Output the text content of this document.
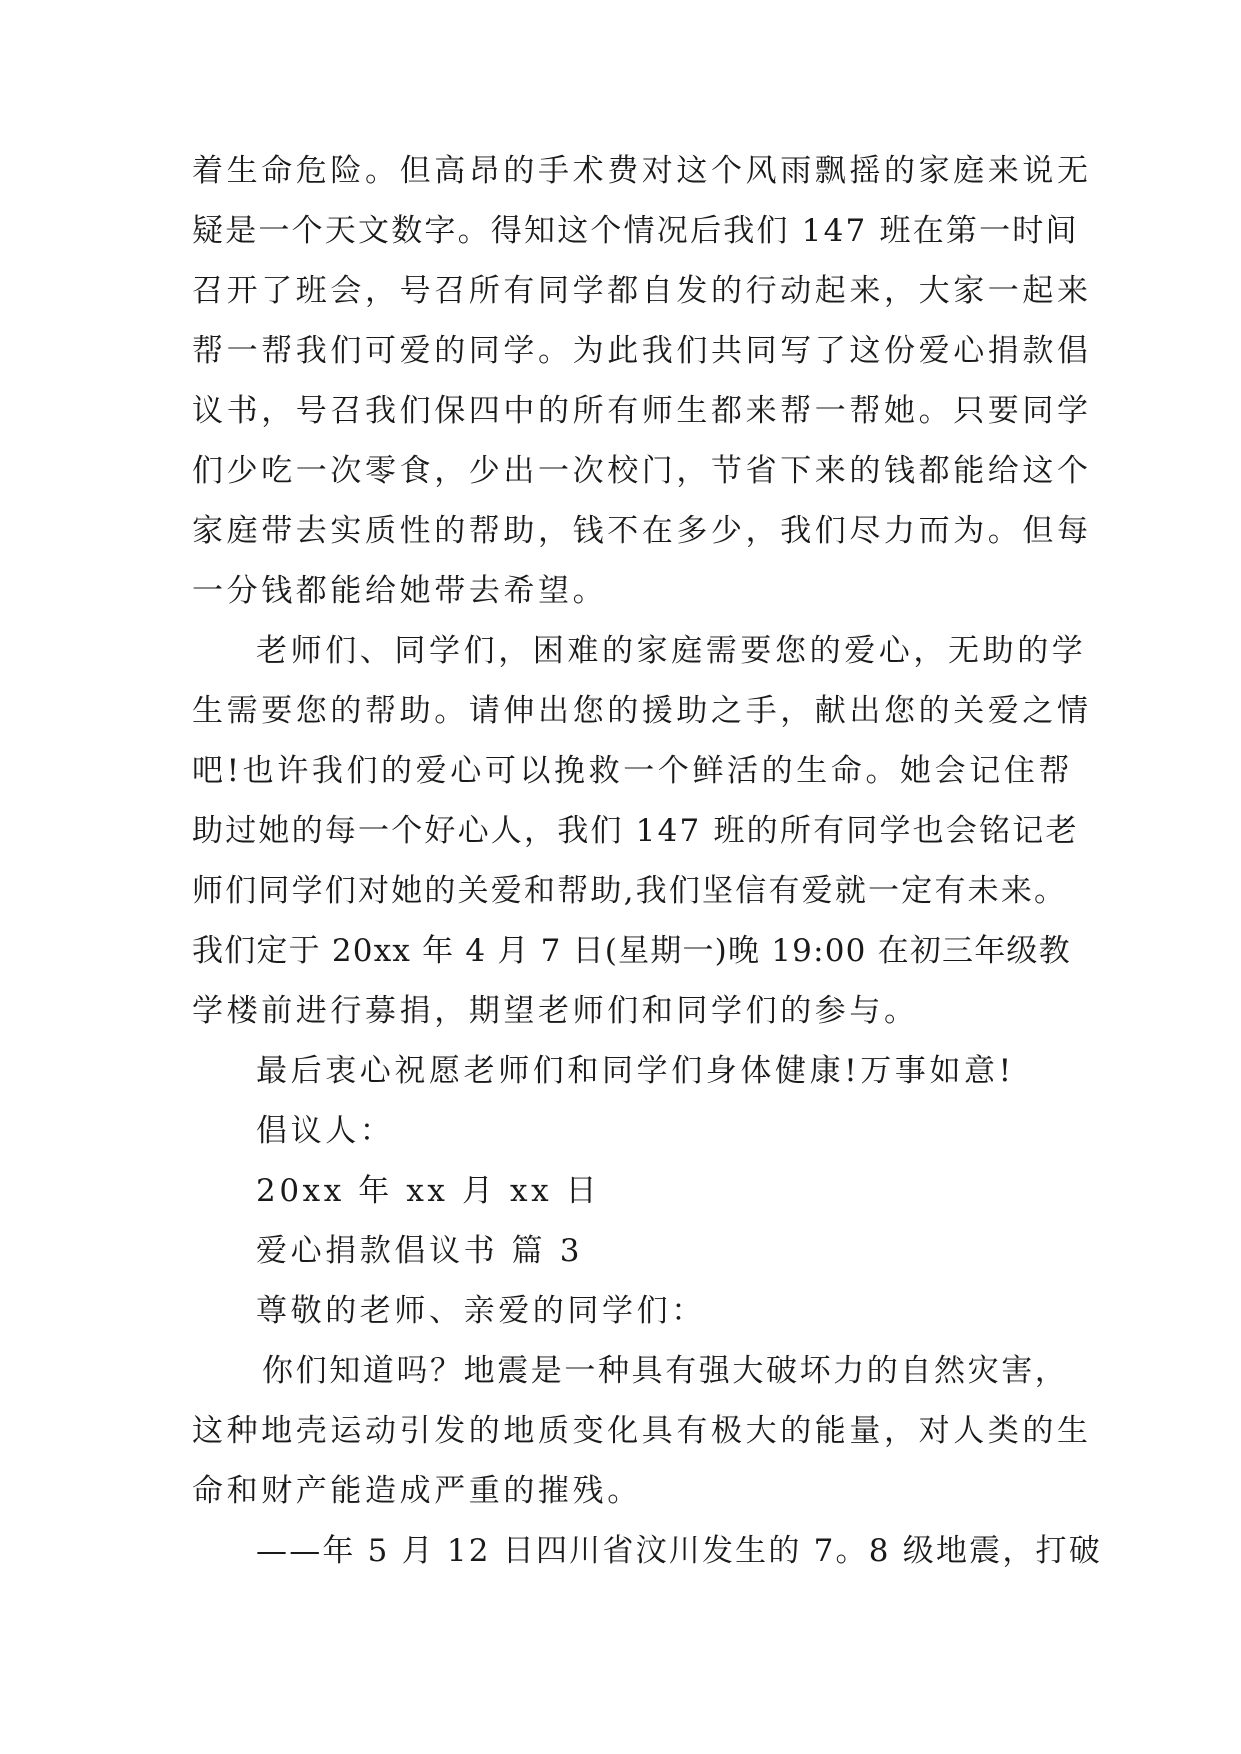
着生命危险。但高昂的手术费对这个风雨飘摇的家庭来说无
疑是一个天文数字。得知这个情况后我们 147 班在第一时间
召开了班会，号召所有同学都自发的行动起来，大家一起来
帮一帮我们可爱的同学。为此我们共同写了这份爱心捐款倡
议书，号召我们保四中的所有师生都来帮一帮她。只要同学
们少吃一次零食，少出一次校门，节省下来的钱都能给这个
家庭带去实质性的帮助，钱不在多少，我们尽力而为。但每
一分钱都能给她带去希望。
老师们、同学们，困难的家庭需要您的爱心，无助的学
生需要您的帮助。请伸出您的援助之手，献出您的关爱之情
吧!也许我们的爱心可以挽救一个鲜活的生命。她会记住帮
助过她的每一个好心人，我们 147 班的所有同学也会铭记老
师们同学们对她的关爱和帮助,我们坚信有爱就一定有未来。
我们定于 20xx 年 4 月 7 日(星期一)晚 19:00 在初三年级教
学楼前进行募捐，期望老师们和同学们的参与。
最后衷心祝愿老师们和同学们身体健康!万事如意!
倡议人：
20xx 年 xx 月 xx 日
爱心捐款倡议书 篇 3
尊敬的老师、亲爱的同学们：
你们知道吗？地震是一种具有强大破坏力的自然灾害，
这种地壳运动引发的地质变化具有极大的能量，对人类的生
命和财产能造成严重的摧残。
——年 5 月 12 日四川省汶川发生的 7。8 级地震，打破
